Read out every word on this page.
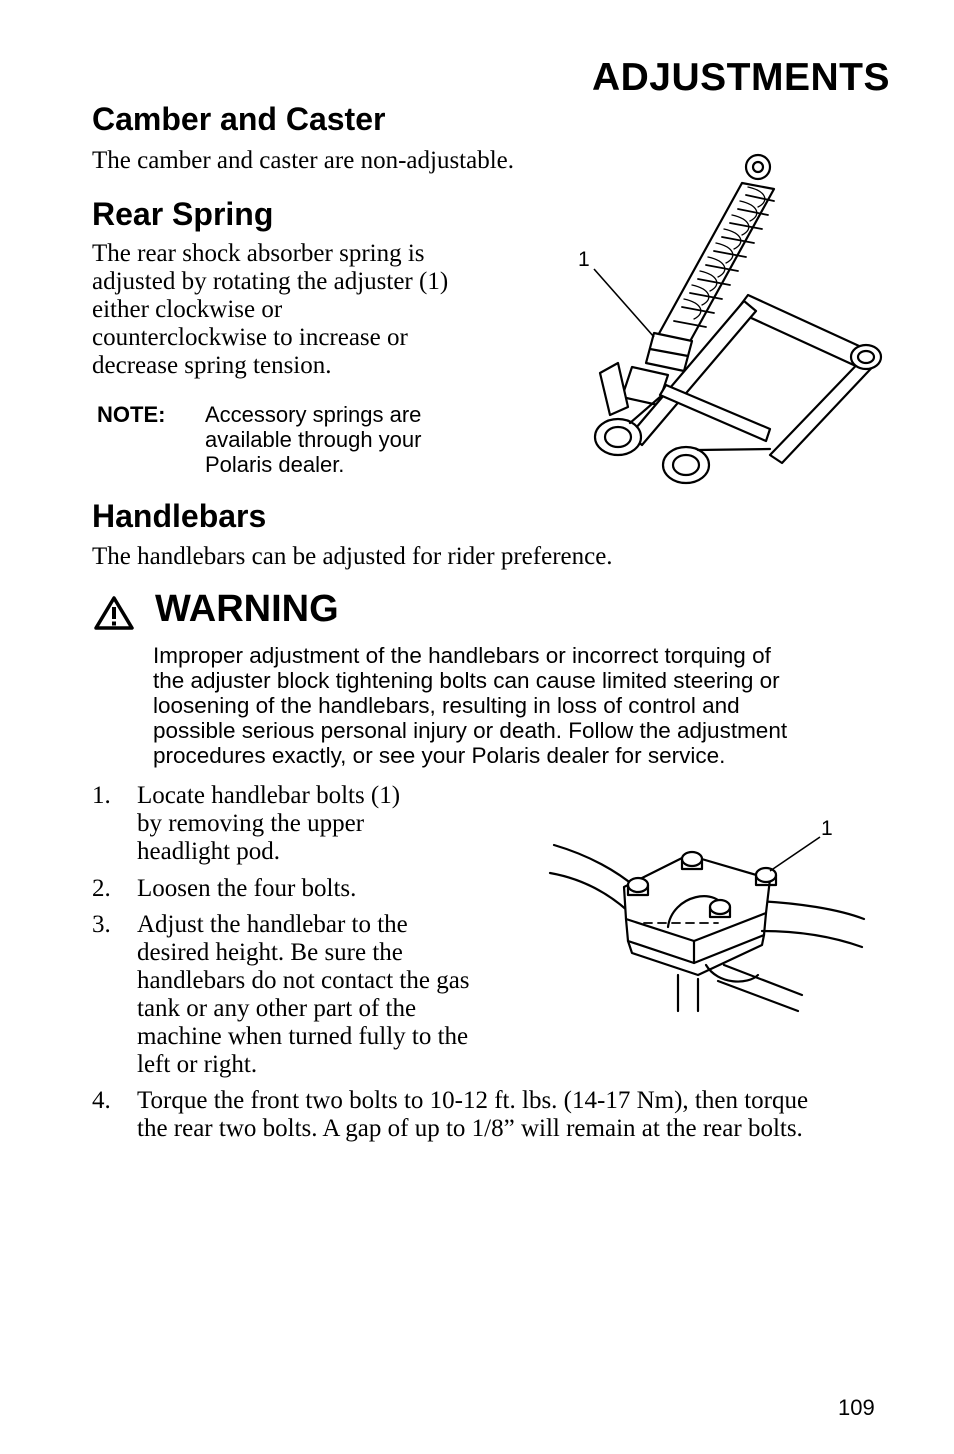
ADJUSTMENTS
Camber and Caster
The camber and caster are non-adjustable.
Rear Spring
The rear shock absorber spring is
adjusted by rotating the adjuster (1)
either clockwise or
counterclockwise to increase or
decrease spring tension.
NOTE: Accessory springs are
available through your
Polaris dealer.
1
Handlebars
The handlebars can be adjusted for rider preference.
WARNING
Improper adjustment of the handlebars or incorrect torquing of
the adjuster block tightening bolts can cause limited steering or
loosening of the handlebars, resulting in loss of control and
possible serious personal injury or death. Follow the adjustment
procedures exactly, or see your Polaris dealer for service.
1. Locate handlebar bolts (1)
by removing the upper
headlight pod.
2. Loosen the four bolts.
3. Adjust the handlebar to the
desired height. Be sure the
handlebars do not contact the gas
tank or any other part of the
machine when turned fully to the
left or right.
4. Torque the front two bolts to 10-12 ft. lbs. (14-17 Nm), then torque
the rear two bolts. A gap of up to 1/8” will remain at the rear bolts.
1
109
